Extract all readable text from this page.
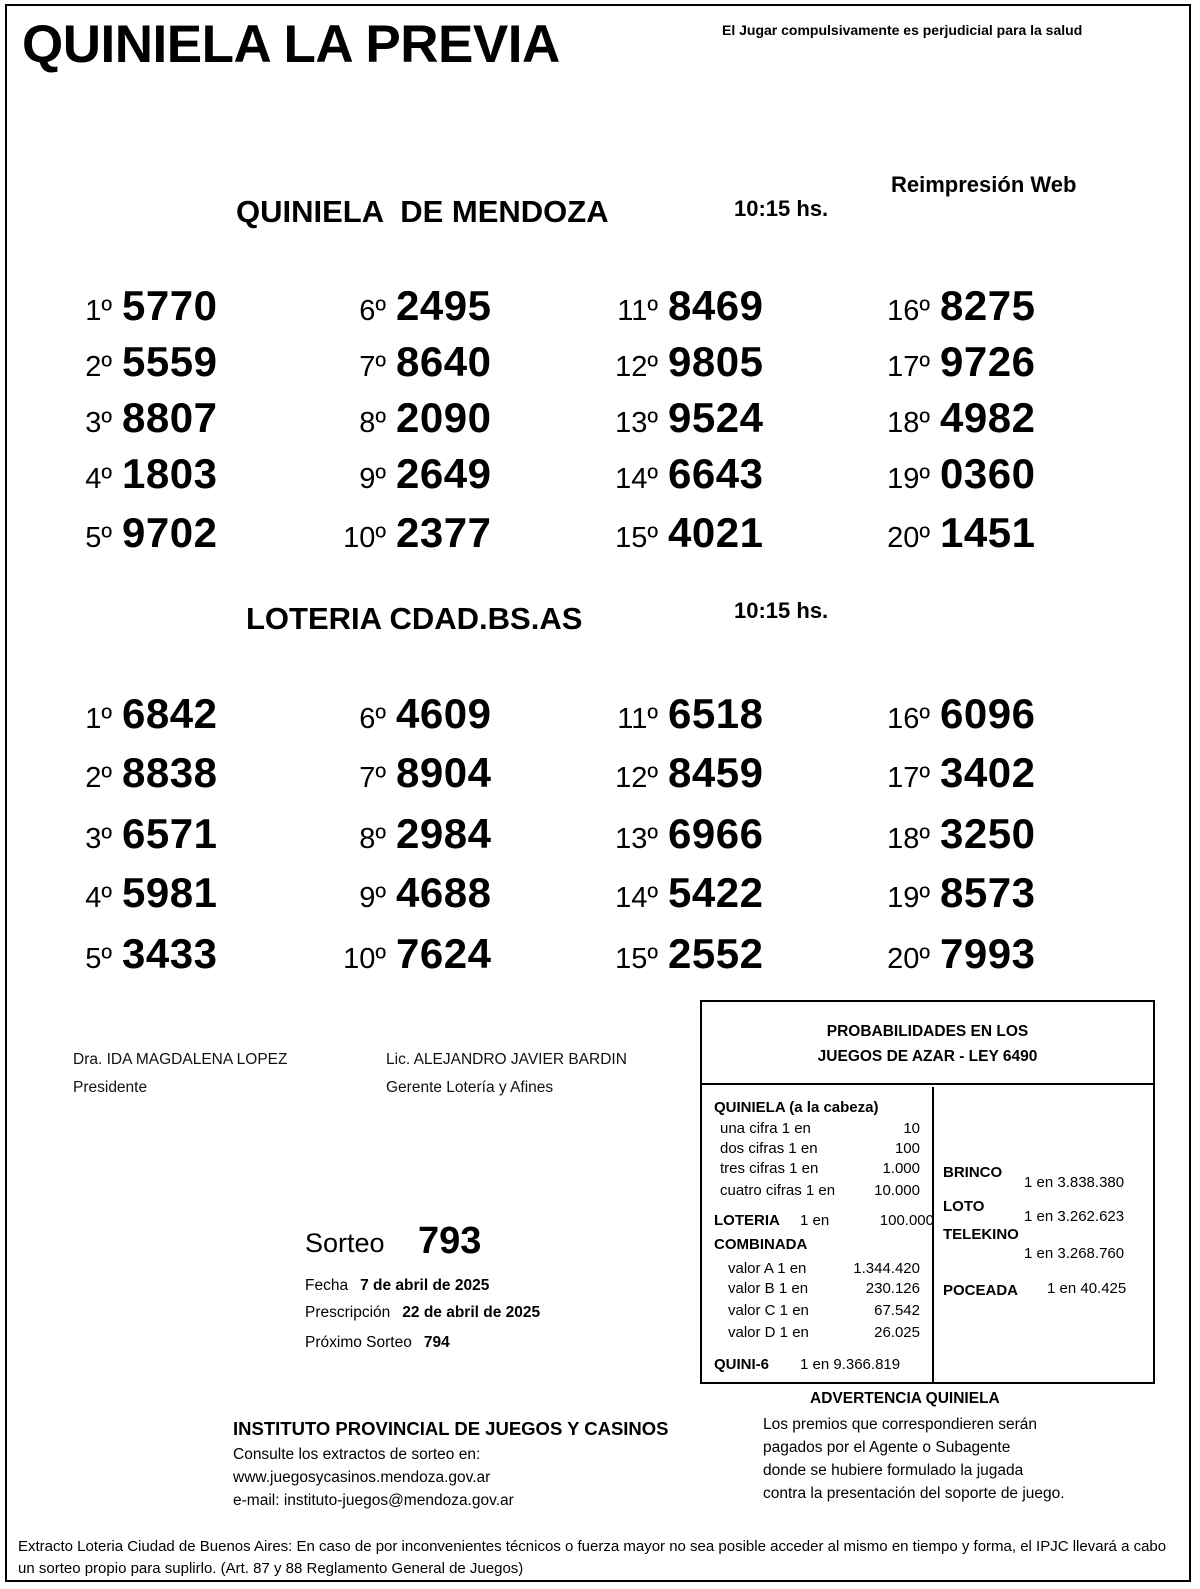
QUINIELA LA PREVIA	El Jugar compulsivamente es perjudicial para la salud
Reimpresión Web
QUINIELA  DE MENDOZA	10:15 hs.
1º 5770
2º 5559
3º 8807
4º 1803
5º 9702
6º 2495
7º 8640
8º 2090
9º 2649
10º 2377
11º 8469
12º 9805
13º 9524
14º 6643
15º 4021
16º 8275
17º 9726
18º 4982
19º 0360
20º 1451
LOTERIA CDAD.BS.AS	10:15 hs.
1º 6842
2º 8838
3º 6571
4º 5981
5º 3433
6º 4609
7º 8904
8º 2984
9º 4688
10º 7624
11º 6518
12º 8459
13º 6966
14º 5422
15º 2552
16º 6096
17º 3402
18º 3250
19º 8573
20º 7993
Dra. IDA MAGDALENA LOPEZ
Presidente
Lic. ALEJANDRO JAVIER BARDIN
Gerente Lotería y Afines
Sorteo 793
Fecha 7 de abril de 2025
Prescripción 22 de abril de 2025
Próximo Sorteo 794
PROBABILIDADES EN LOS
JUEGOS DE AZAR - LEY 6490
QUINIELA (a la cabeza)
una cifra 1 en	10
dos cifras 1 en	100
tres cifras 1 en	1.000
cuatro cifras 1 en	10.000
LOTERIA 1 en	100.000
COMBINADA
valor A 1 en	1.344.420
valor B 1 en	230.126
valor C 1 en	67.542
valor D 1 en	26.025
QUINI-6 1 en 9.366.819
BRINCO
1 en 3.838.380
LOTO
1 en 3.262.623
TELEKINO
1 en 3.268.760
POCEADA 1 en 40.425
INSTITUTO PROVINCIAL DE JUEGOS Y CASINOS
Consulte los extractos de sorteo en:
www.juegosycasinos.mendoza.gov.ar
e-mail: instituto-juegos@mendoza.gov.ar
ADVERTENCIA QUINIELA
Los premios que correspondieren serán
pagados por el Agente o Subagente
donde se hubiere formulado la jugada
contra la presentación del soporte de juego.
Extracto Loteria Ciudad de Buenos Aires: En caso de por inconvenientes técnicos o fuerza mayor no sea posible acceder al mismo en tiempo y forma, el IPJC llevará a cabo un sorteo propio para suplirlo. (Art. 87 y 88 Reglamento General de Juegos)
